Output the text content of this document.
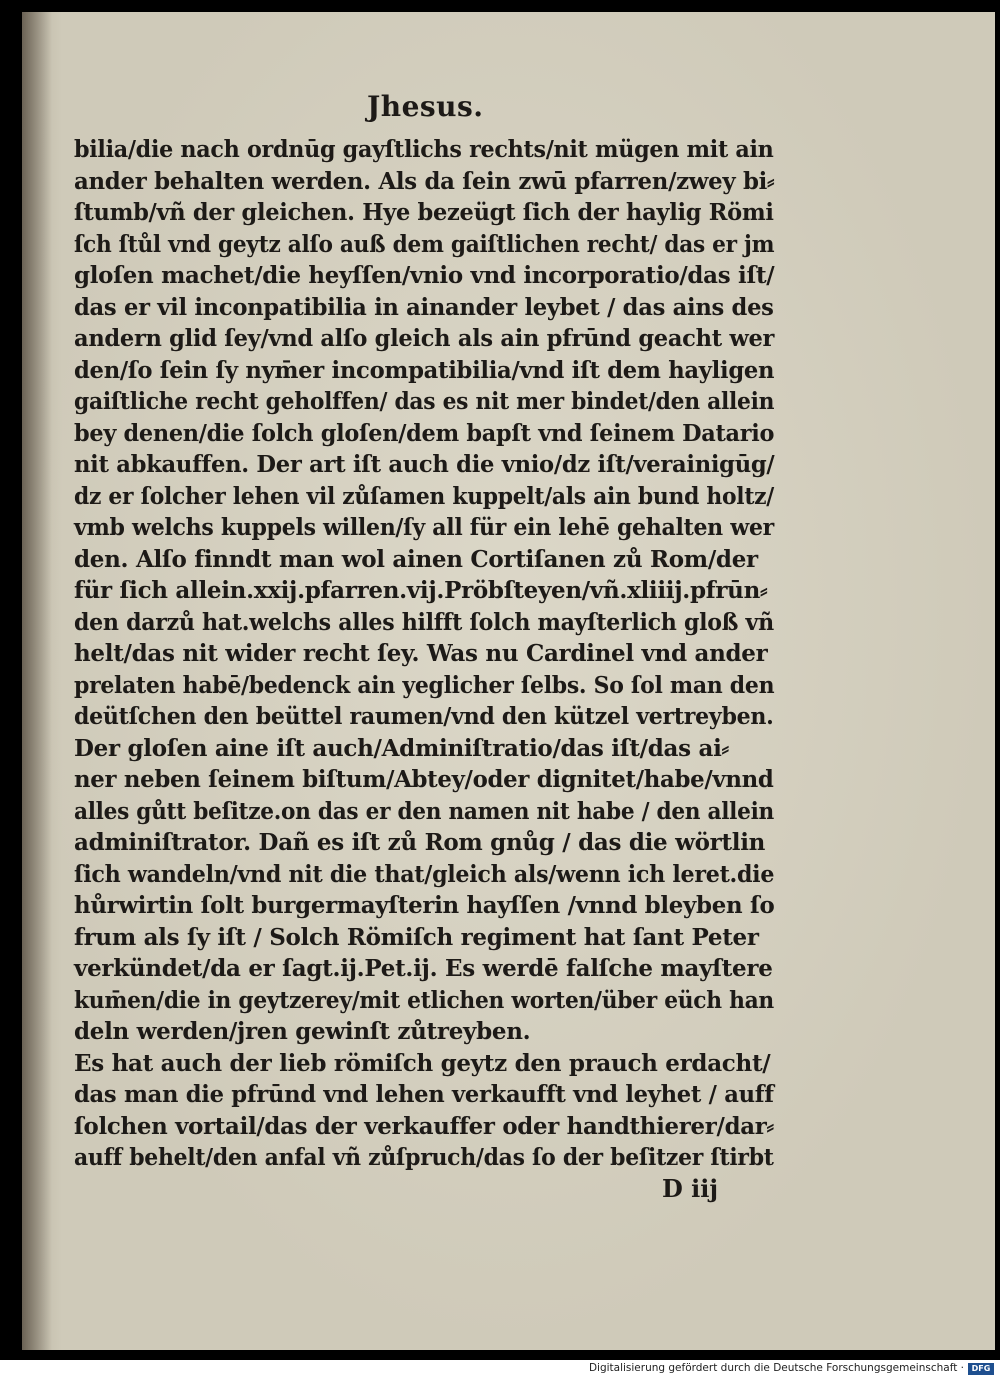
Jhesus.
bilia/die nach ordnūg gayſtlichs rechts/nit mügen mit ain
ander behalten werden. Als da ſein zwū pfarren/zwey bi⸗
ſtumb/vñ der gleichen. Hye bezeügt ſich der haylig Römi
ſch ſtůl vnd geytz alſo auß dem gaiſtlichen recht/ das er jm
gloſen machet/die heyſſen/vnio vnd incorporatio/das iſt/
das er vil inconpatibilia in ainander leybet / das ains des
andern glid ſey/vnd alſo gleich als ain pfrūnd geacht wer
den/ſo ſein ſy nym̄er incompatibilia/vnd iſt dem hayligen
gaiſtliche recht geholffen/ das es nit mer bindet/den allein
bey denen/die ſolch gloſen/dem bapſt vnd ſeinem Datario
nit abkauffen. Der art iſt auch die vnio/dz iſt/verainigūg/
dz er ſolcher lehen vil zůſamen kuppelt/als ain bund holtz/
vmb welchs kuppels willen/ſy all für ein lehē gehalten wer
den. Alſo finndt man wol ainen Cortiſanen zů Rom/der
für ſich allein.xxij.pfarren.vij.Pröbſteyen/vñ.xliiij.pfrūn⸗
den darzů hat.welchs alles hilfft ſolch mayſterlich gloß vñ
helt/das nit wider recht ſey. Was nu Cardinel vnd ander
prelaten habē/bedenck ain yeglicher ſelbs. So ſol man den
deütſchen den beüttel raumen/vnd den kützel vertreyben.
Der gloſen aine iſt auch/Adminiſtratio/das iſt/das ai⸗
ner neben ſeinem biſtum/Abtey/oder dignitet/habe/vnnd
alles gůtt beſitze.on das er den namen nit habe / den allein
adminiſtrator. Dañ es iſt zů Rom gnůg / das die wörtlin
ſich wandeln/vnd nit die that/gleich als/wenn ich leret.die
hůrwirtin ſolt burgermayſterin hayſſen /vnnd bleyben ſo
frum als ſy iſt / Solch Römiſch regiment hat ſant Peter
verkündet/da er ſagt.ij.Pet.ij. Es werdē falſche mayſtere
kum̄en/die in geytzerey/mit etlichen worten/über eüch han
deln werden/jren gewinſt zůtreyben.
Es hat auch der lieb römiſch geytz den prauch erdacht/
das man die pfrūnd vnd lehen verkaufft vnd leyhet / auff
ſolchen vortail/das der verkauffer oder handthierer/dar⸗
auff behelt/den anfal vñ zůſpruch/das ſo der beſitzer ſtirbt
D iij
Digitalisierung gefördert durch die Deutsche Forschungsgemeinschaft · DFG
